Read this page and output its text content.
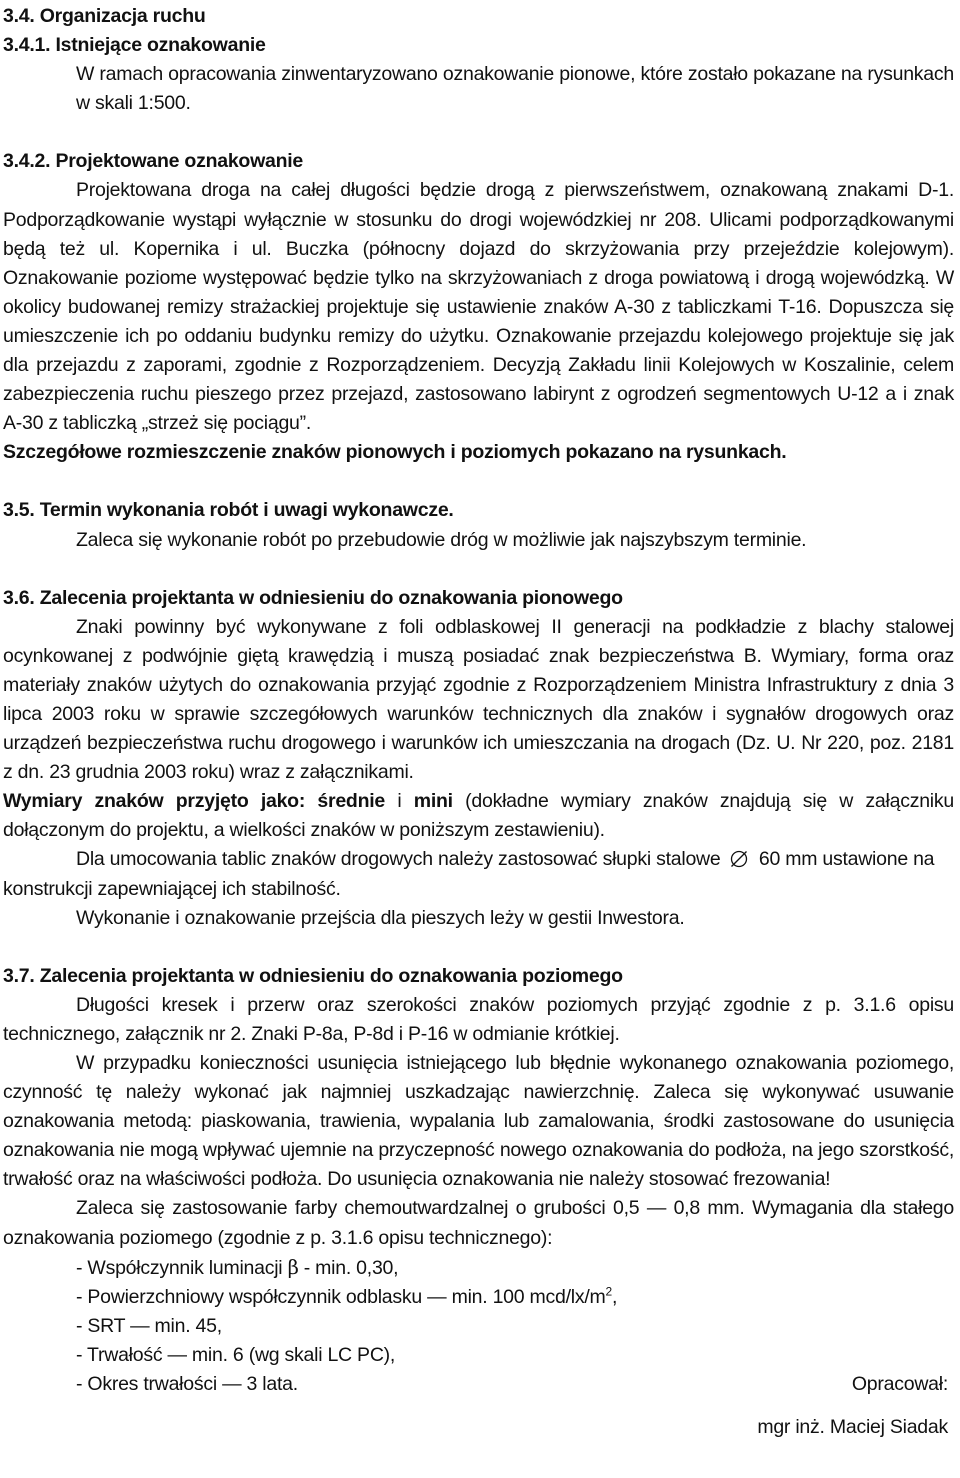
3.4. Organizacja ruchu

3.4.1. Istniejące oznakowanie

W ramach opracowania zinwentaryzowano oznakowanie pionowe, które zostało pokazane na rysunkach w skali 1:500.

3.4.2. Projektowane oznakowanie

Projektowana droga na całej długości będzie drogą z pierwszeństwem, oznakowaną znakami D-1. Podporządkowanie wystąpi wyłącznie w stosunku do drogi wojewódzkiej nr 208. Ulicami podporządkowanymi będą też ul. Kopernika i ul. Buczka (północny dojazd do skrzyżowania przy przejeździe kolejowym). Oznakowanie poziome występować będzie tylko na skrzyżowaniach z droga powiatową i drogą wojewódzką. W okolicy budowanej remizy strażackiej projektuje się ustawienie znaków A-30 z tabliczkami T-16. Dopuszcza się umieszczenie ich po oddaniu budynku remizy do użytku. Oznakowanie przejazdu kolejowego projektuje się jak dla przejazdu z zaporami, zgodnie z Rozporządzeniem. Decyzją Zakładu linii Kolejowych w Koszalinie, celem zabezpieczenia ruchu pieszego przez przejazd, zastosowano labirynt z ogrodzeń segmentowych U-12 a i znak A-30 z tabliczką „strzeż się pociągu”.

Szczegółowe rozmieszczenie znaków pionowych i poziomych pokazano na rysunkach.

3.5. Termin wykonania robót i uwagi wykonawcze.

Zaleca się wykonanie robót po przebudowie dróg w możliwie jak najszybszym terminie.

3.6. Zalecenia projektanta w odniesieniu do oznakowania pionowego

Znaki powinny być wykonywane z foli odblaskowej II generacji na podkładzie z blachy stalowej ocynkowanej z podwójnie giętą krawędzią i muszą posiadać znak bezpieczeństwa B. Wymiary, forma oraz materiały znaków użytych do oznakowania przyjąć zgodnie z Rozporządzeniem Ministra Infrastruktury z dnia 3 lipca 2003 roku w sprawie szczegółowych warunków technicznych dla znaków i sygnałów drogowych oraz urządzeń bezpieczeństwa ruchu drogowego i warunków ich umieszczania na drogach (Dz. U. Nr 220, poz. 2181 z dn. 23 grudnia 2003 roku) wraz z załącznikami.

Wymiary znaków przyjęto jako: średnie i mini (dokładne wymiary znaków znajdują się w załączniku dołączonym do projektu, a wielkości znaków w poniższym zestawieniu).

Dla umocowania tablic znaków drogowych należy zastosować słupki stalowe 60 mm ustawione na konstrukcji zapewniającej ich stabilność.

Wykonanie i oznakowanie przejścia dla pieszych leży w gestii Inwestora.

3.7. Zalecenia projektanta w odniesieniu do oznakowania poziomego

Długości kresek i przerw oraz szerokości znaków poziomych przyjąć zgodnie z p. 3.1.6 opisu technicznego, załącznik nr 2. Znaki P-8a, P-8d i P-16 w odmianie krótkiej.

W przypadku konieczności usunięcia istniejącego lub błędnie wykonanego oznakowania poziomego, czynność tę należy wykonać jak najmniej uszkadzając nawierzchnię. Zaleca się wykonywać usuwanie oznakowania metodą: piaskowania, trawienia, wypalania lub zamalowania, środki zastosowane do usunięcia oznakowania nie mogą wpływać ujemnie na przyczepność nowego oznakowania do podłoża, na jego szorstkość, trwałość oraz na właściwości podłoża. Do usunięcia oznakowania nie należy stosować frezowania!

Zaleca się zastosowanie farby chemoutwardzalnej o grubości 0,5 — 0,8 mm. Wymagania dla stałego oznakowania poziomego (zgodnie z p. 3.1.6 opisu technicznego):

- Współczynnik luminacji β - min. 0,30,

- Powierzchniowy współczynnik odblasku — min. 100 mcd/$lx/m^2$,

- SRT — min. 45,

- Trwałość — min. 6 (wg skali LC PC),

- Okres trwałości — 3 lata.	Opracował:

mgr inż. Maciej Siadak
